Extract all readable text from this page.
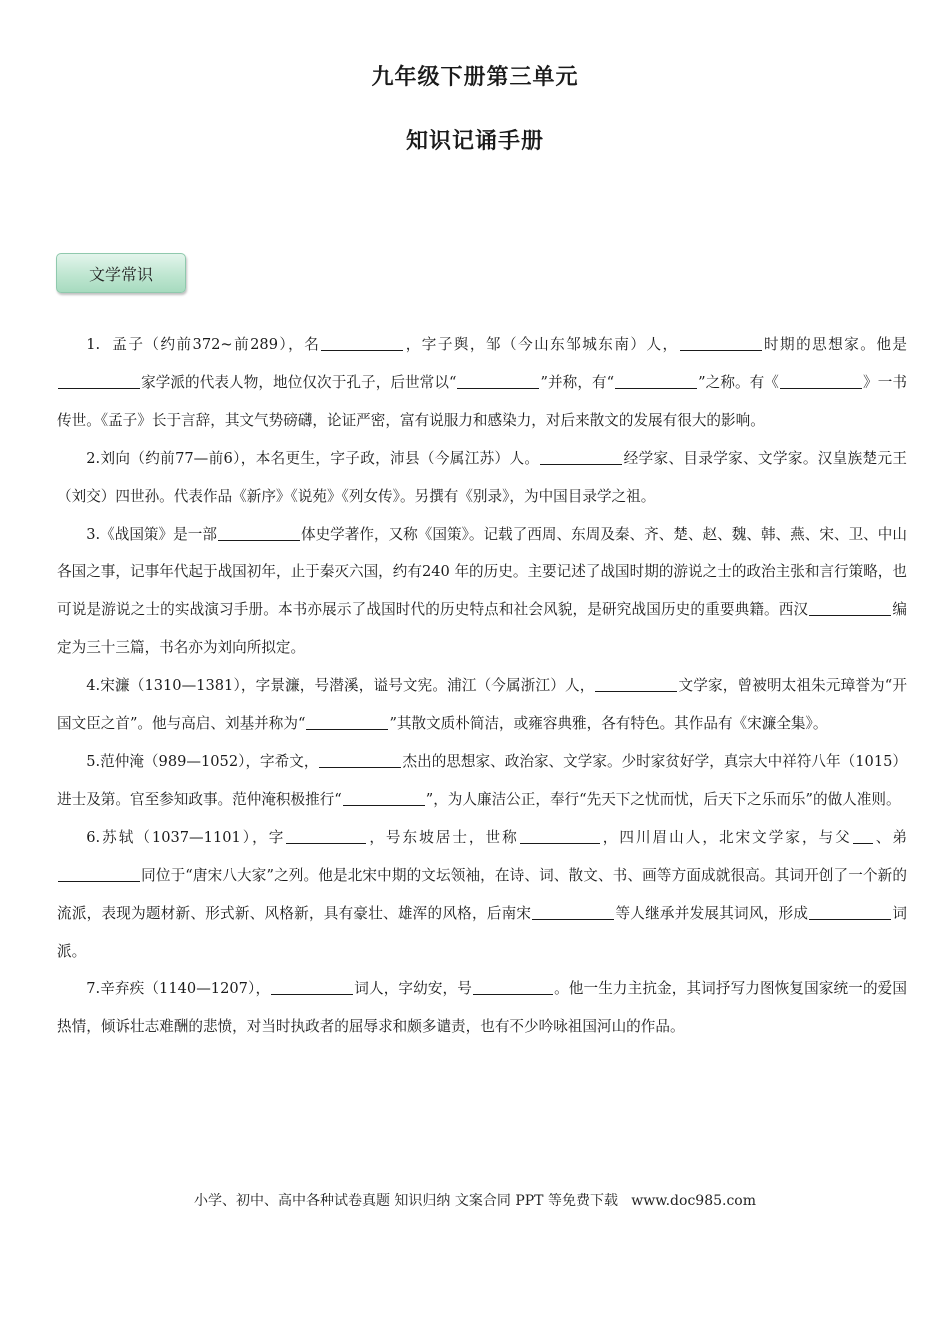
九年级下册第三单元
知识记诵手册
文学常识

1.  孟子（约前372~前289），名	，字子舆，邹（今山东邹城东南）人，	时期的思想家。他是家学派的代表人物，地位仅次于孔子，后世常以“	”并称，有“	”之称。有《	》一书传世。《孟子》长于言辞，其文气势磅礴，论证严密，富有说服力和感染力，对后来散文的发展有很大的影响。

2.刘向（约前77—前6），本名更生，字子政，沛县（今属江苏）人。	经学家、目录学家、文学家。汉皇族楚元王（刘交）四世孙。代表作品《新序》《说苑》《列女传》。另撰有《别录》，为中国目录学之祖。

3.《战国策》是一部	体史学著作，又称《国策》。记载了西周、东周及秦、齐、楚、赵、魏、韩、燕、宋、卫、中山各国之事，记事年代起于战国初年，止于秦灭六国，约有240 年的历史。主要记述了战国时期的游说之士的政治主张和言行策略，也可说是游说之士的实战演习手册。本书亦展示了战国时代的历史特点和社会风貌，是研究战国历史的重要典籍。西汉	编定为三十三篇，书名亦为刘向所拟定。

4.宋濂（1310—1381），字景濂，号潜溪，谥号文宪。浦江（今属浙江）人，	文学家，曾被明太祖朱元璋誉为“开国文臣之首”。他与高启、刘基并称为“	”其散文质朴简洁，或雍容典雅，各有特色。其作品有《宋濂全集》。

5.范仲淹（989—1052），字希文，	杰出的思想家、政治家、文学家。少时家贫好学，真宗大中祥符八年（1015）进士及第。官至参知政事。范仲淹积极推行“	”，为人廉洁公正，奉行“先天下之忧而忧，后天下之乐而乐”的做人准则。

6.苏轼（1037—1101），字	，号东坡居士，世称	，四川眉山人，北宋文学家，与父 、弟同位于“唐宋八大家”之列。他是北宋中期的文坛领袖，在诗、词、散文、书、画等方面成就很高。其词开创了一个新的流派，表现为题材新、形式新、风格新，具有豪壮、雄浑的风格，后南宋	等人继承并发展其词风，形成	词派。

7.辛弃疾（1140—1207），	词人，字幼安，号	。他一生力主抗金，其词抒写力图恢复国家统一的爱国热情，倾诉壮志难酬的悲愤，对当时执政者的屈辱求和颇多谴责，也有不少吟咏祖国河山的作品。

小学、初中、高中各种试卷真题 知识归纳 文案合同 PPT 等免费下载   www.doc985.com
